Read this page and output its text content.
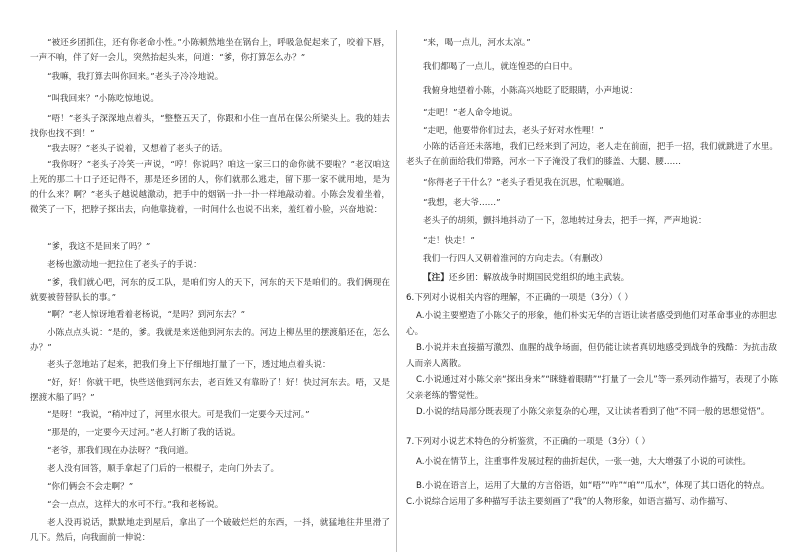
“被还乡团抓住，还有你老命小性。”小陈顿然地坐在锅台上，呼吸急促起来了，咬着下唇，一声不响，伴了好一会儿，突然抬起头来，问道：“爹，你打算怎么办？”
“我嘛，我打算去叫你回来。”老头子冷冷地说。
“叫我回来？”小陈吃惊地说。
“唔！”老头子深深地点着头，“整整五天了，你跟和小住一直吊在保公所梁头上。我的娃去找你也找不到！”
“我去呀？”老头子说着，又想着了老头子的话。
“我你呀？”老头子冷笑一声说，“哼！你说吗？咱这一家三口的命你就不要啦？”老汉咱这上死的那二十口子还记得不，那是还乡团的人，你们就那么逃走，留下那一家不就用地，是为的什么来？啊？”老头子越说越激动，把手中的烟锅一扑一扑一样地敲动着。小陈会发着坐着，微笑了一下，把脖子探出去，向他靠拢着，一时间什么也说不出来，羞红着小脸，兴奋地说：
“爹，我这不是回来了吗？”
老杨也激动地一把拉住了老头子的手说：
“爹，我们就心吧，河东的反工队，是咱们穷人的天下，河东的天下是咱们的。我们俩现在就要被替替队长的事。”
“啊？”老人惊讶地看着老杨说，“是吗？到河东去？”
小陈点点头说：“是的，爹。我就是来送他到河东去的。河边上柳丛里的摆渡船还在，怎么办？”
老头子忽地站了起来，把我们身上下仔细地打量了一下，透过地点着头说：
“好，好！你就干吧，快些送他到河东去，老百姓又有靠盼了！好！快过河东去。唔，又是摆渡木船了吗？”
“是呀！”我说，“稍冲过了，河里水很大。可是我们一定要今天过河。”
“那是的，一定要今天过河。”老人打断了我的话说。
“老爷，那我们现在办法呀？”我问道。
老人没有回答，顺手拿起了门后的一根棍子，走向门外去了。
“你们俩会不会走啊？”
“会一点点，这样大的水可不行。”我和老杨说。
老人没再说话，默默地走到屋后，拿出了一个破破烂烂的东西，一抖，就猛地往井里滑了几下。然后，向我面前一伸说：
“来，喝一点儿，河水太凉。”
我们都喝了一点儿，就连惶恐的白日中。
我俯身地望着小陈，小陈高兴地眨了眨眼睛，小声地说：
“走吧！”老人命令地说。
“走吧，他要带你们过去，老头子好对水性哩！”
小陈的话音还未落地，我们已经来到了河边，老人走在前面，把手一招，我们就跳进了水里。老头子在前面给我们带路，河水一下子淹没了我们的膝盖、大腿、腰……
“你得老子干什么？”老头子看见我在沉思，忙啦嘱道。
“我想，老大爷……”
老头子的胡须，颤抖地抖动了一下，忽地转过身去，把手一挥，严声地说：
“走！快走！”
我们一行四人又朝着淮河的方向走去。（有删改）
【注】还乡团：解放战争时期国民党组织的地主武装。
6.下列对小说相关内容的理解，不正确的一项是（3分）（ ）
A.小说主要塑造了小陈父子的形象，他们朴实无华的言语让读者感受到他们对革命事业的赤胆忠心。
B.小说并未直接描写激烈、血腥的战争场面，但仍能让读者真切地感受到战争的残酷：为抗击敌人而亲人离散。
C.小说通过对小陈父亲“探出身来”“眯缝着眼睛”“打量了一会儿”等一系列动作描写，表现了小陈父亲老练的警觉性。
D.小说的结局部分既表现了小陈父亲复杂的心理，又让读者看到了他“不同一般的思想觉悟”。
7.下列对小说艺术特色的分析鉴赏，不正确的一项是（3分）（ ）
A.小说在情节上，注重事件发展过程的曲折起伏，一张一弛，大大增强了小说的可读性。
B.小说在语言上，运用了大量的方言俗语，如“唔”“咋”“咱”“瓜水”，体现了其口语化的特点。C.小说综合运用了多种描写手法主要刻画了“我”的人物形象，如语言描写、动作描写、
